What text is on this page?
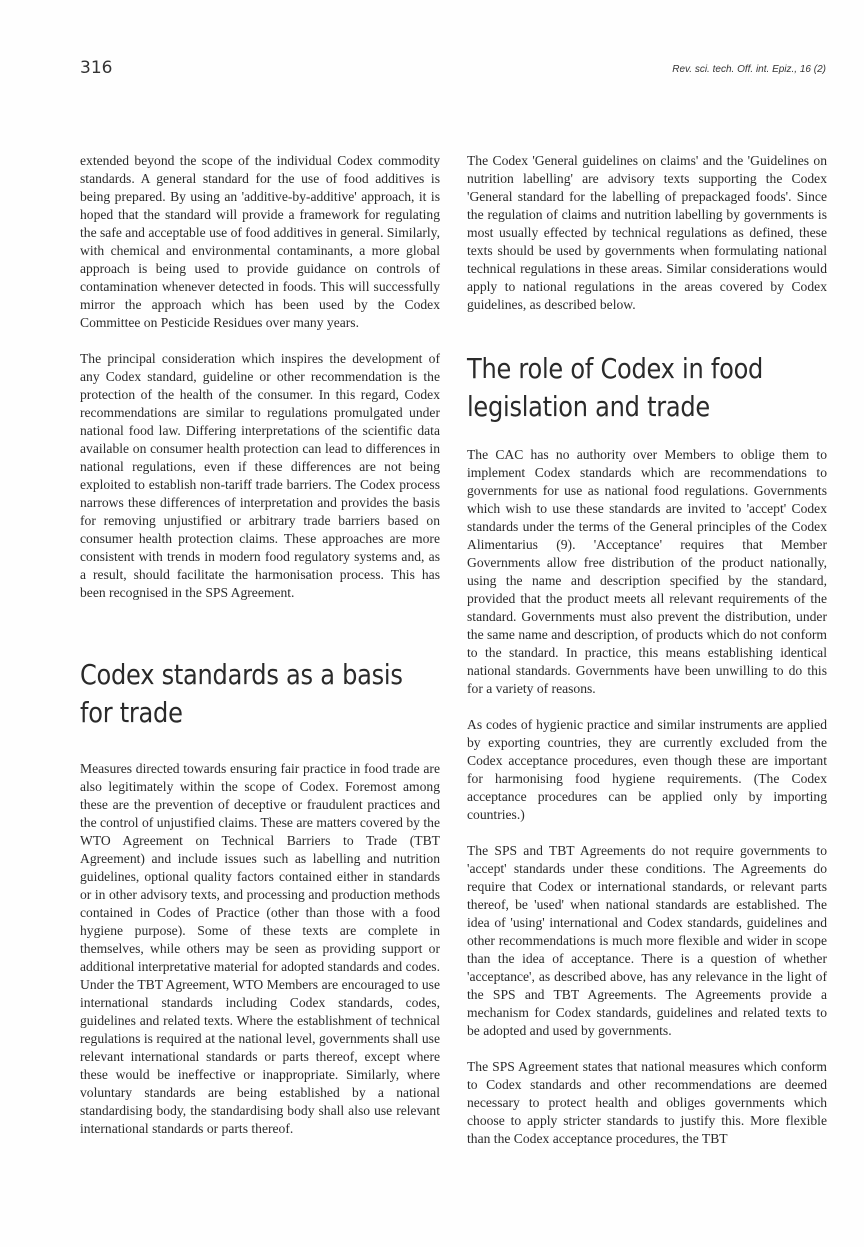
316	Rev. sci. tech. Off. int. Epiz., 16 (2)

extended beyond the scope of the individual Codex commodity standards. A general standard for the use of food additives is being prepared. By using an 'additive-by-additive' approach, it is hoped that the standard will provide a framework for regulating the safe and acceptable use of food additives in general. Similarly, with chemical and environmental contaminants, a more global approach is being used to provide guidance on controls of contamination whenever detected in foods. This will successfully mirror the approach which has been used by the Codex Committee on Pesticide Residues over many years.

The principal consideration which inspires the development of any Codex standard, guideline or other recommendation is the protection of the health of the consumer. In this regard, Codex recommendations are similar to regulations promulgated under national food law. Differing interpretations of the scientific data available on consumer health protection can lead to differences in national regulations, even if these differences are not being exploited to establish non-tariff trade barriers. The Codex process narrows these differences of interpretation and provides the basis for removing unjustified or arbitrary trade barriers based on consumer health protection claims. These approaches are more consistent with trends in modern food regulatory systems and, as a result, should facilitate the harmonisation process. This has been recognised in the SPS Agreement.

Codex standards as a basis for trade

Measures directed towards ensuring fair practice in food trade are also legitimately within the scope of Codex. Foremost among these are the prevention of deceptive or fraudulent practices and the control of unjustified claims. These are matters covered by the WTO Agreement on Technical Barriers to Trade (TBT Agreement) and include issues such as labelling and nutrition guidelines, optional quality factors contained either in standards or in other advisory texts, and processing and production methods contained in Codes of Practice (other than those with a food hygiene purpose). Some of these texts are complete in themselves, while others may be seen as providing support or additional interpretative material for adopted standards and codes. Under the TBT Agreement, WTO Members are encouraged to use international standards including Codex standards, codes, guidelines and related texts. Where the establishment of technical regulations is required at the national level, governments shall use relevant international standards or parts thereof, except where these would be ineffective or inappropriate. Similarly, where voluntary standards are being established by a national standardising body, the standardising body shall also use relevant international standards or parts thereof.

The Codex 'General guidelines on claims' and the 'Guidelines on nutrition labelling' are advisory texts supporting the Codex 'General standard for the labelling of prepackaged foods'. Since the regulation of claims and nutrition labelling by governments is most usually effected by technical regulations as defined, these texts should be used by governments when formulating national technical regulations in these areas. Similar considerations would apply to national regulations in the areas covered by Codex guidelines, as described below.

The role of Codex in food legislation and trade

The CAC has no authority over Members to oblige them to implement Codex standards which are recommendations to governments for use as national food regulations. Governments which wish to use these standards are invited to 'accept' Codex standards under the terms of the General principles of the Codex Alimentarius (9). 'Acceptance' requires that Member Governments allow free distribution of the product nationally, using the name and description specified by the standard, provided that the product meets all relevant requirements of the standard. Governments must also prevent the distribution, under the same name and description, of products which do not conform to the standard. In practice, this means establishing identical national standards. Governments have been unwilling to do this for a variety of reasons.

As codes of hygienic practice and similar instruments are applied by exporting countries, they are currently excluded from the Codex acceptance procedures, even though these are important for harmonising food hygiene requirements. (The Codex acceptance procedures can be applied only by importing countries.)

The SPS and TBT Agreements do not require governments to 'accept' standards under these conditions. The Agreements do require that Codex or international standards, or relevant parts thereof, be 'used' when national standards are established. The idea of 'using' international and Codex standards, guidelines and other recommendations is much more flexible and wider in scope than the idea of acceptance. There is a question of whether 'acceptance', as described above, has any relevance in the light of the SPS and TBT Agreements. The Agreements provide a mechanism for Codex standards, guidelines and related texts to be adopted and used by governments.

The SPS Agreement states that national measures which conform to Codex standards and other recommendations are deemed necessary to protect health and obliges governments which choose to apply stricter standards to justify this. More flexible than the Codex acceptance procedures, the TBT
